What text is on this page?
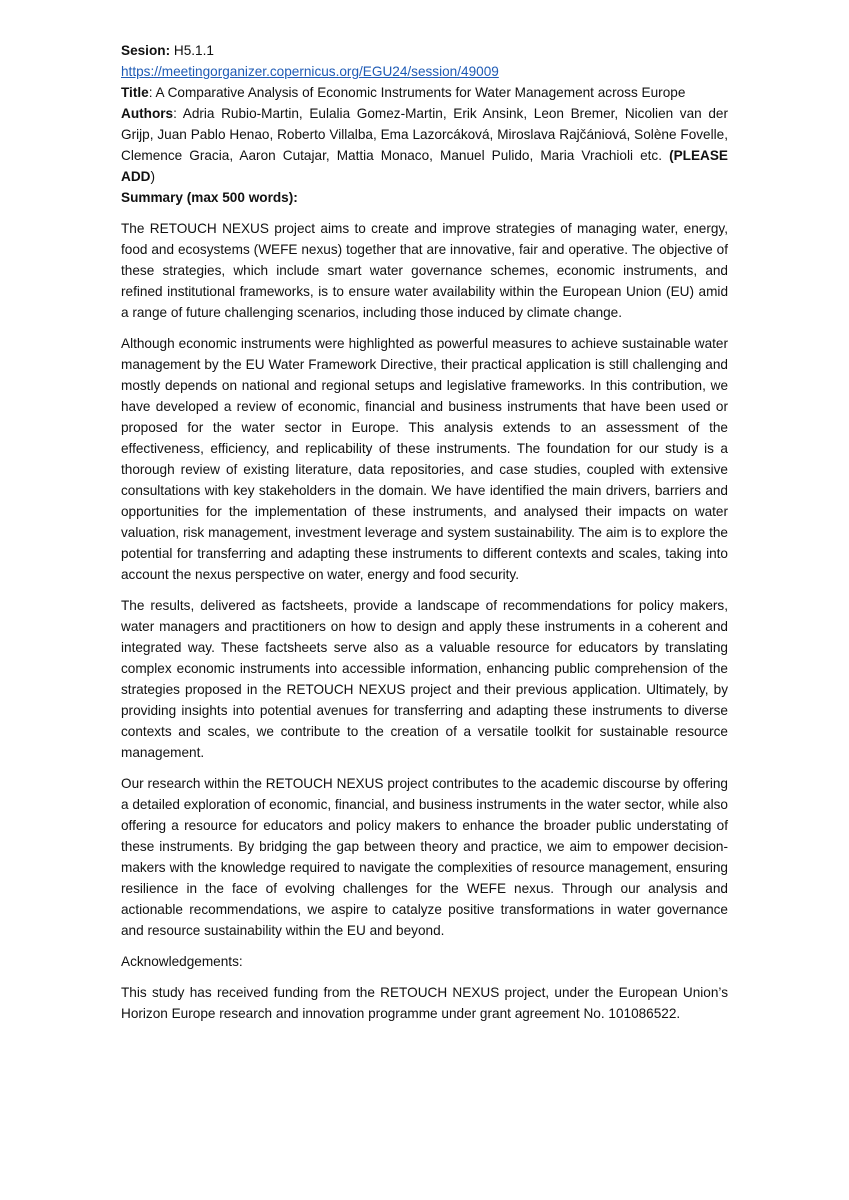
Sesion: H5.1.1

https://meetingorganizer.copernicus.org/EGU24/session/49009

Title: A Comparative Analysis of Economic Instruments for Water Management across Europe

Authors: Adria Rubio-Martin, Eulalia Gomez-Martin, Erik Ansink, Leon Bremer, Nicolien van der Grijp, Juan Pablo Henao, Roberto Villalba, Ema Lazorcáková, Miroslava Rajčániová, Solène Fovelle, Clemence Gracia, Aaron Cutajar, Mattia Monaco, Manuel Pulido, Maria Vrachioli etc. (PLEASE ADD)

Summary (max 500 words):

The RETOUCH NEXUS project aims to create and improve strategies of managing water, energy, food and ecosystems (WEFE nexus) together that are innovative, fair and operative. The objective of these strategies, which include smart water governance schemes, economic instruments, and refined institutional frameworks, is to ensure water availability within the European Union (EU) amid a range of future challenging scenarios, including those induced by climate change.

Although economic instruments were highlighted as powerful measures to achieve sustainable water management by the EU Water Framework Directive, their practical application is still challenging and mostly depends on national and regional setups and legislative frameworks. In this contribution, we have developed a review of economic, financial and business instruments that have been used or proposed for the water sector in Europe. This analysis extends to an assessment of the effectiveness, efficiency, and replicability of these instruments. The foundation for our study is a thorough review of existing literature, data repositories, and case studies, coupled with extensive consultations with key stakeholders in the domain. We have identified the main drivers, barriers and opportunities for the implementation of these instruments, and analysed their impacts on water valuation, risk management, investment leverage and system sustainability. The aim is to explore the potential for transferring and adapting these instruments to different contexts and scales, taking into account the nexus perspective on water, energy and food security.

The results, delivered as factsheets, provide a landscape of recommendations for policy makers, water managers and practitioners on how to design and apply these instruments in a coherent and integrated way. These factsheets serve also as a valuable resource for educators by translating complex economic instruments into accessible information, enhancing public comprehension of the strategies proposed in the RETOUCH NEXUS project and their previous application. Ultimately, by providing insights into potential avenues for transferring and adapting these instruments to diverse contexts and scales, we contribute to the creation of a versatile toolkit for sustainable resource management.

Our research within the RETOUCH NEXUS project contributes to the academic discourse by offering a detailed exploration of economic, financial, and business instruments in the water sector, while also offering a resource for educators and policy makers to enhance the broader public understating of these instruments. By bridging the gap between theory and practice, we aim to empower decision-makers with the knowledge required to navigate the complexities of resource management, ensuring resilience in the face of evolving challenges for the WEFE nexus. Through our analysis and actionable recommendations, we aspire to catalyze positive transformations in water governance and resource sustainability within the EU and beyond.

Acknowledgements:

This study has received funding from the RETOUCH NEXUS project, under the European Union’s Horizon Europe research and innovation programme under grant agreement No. 101086522.
